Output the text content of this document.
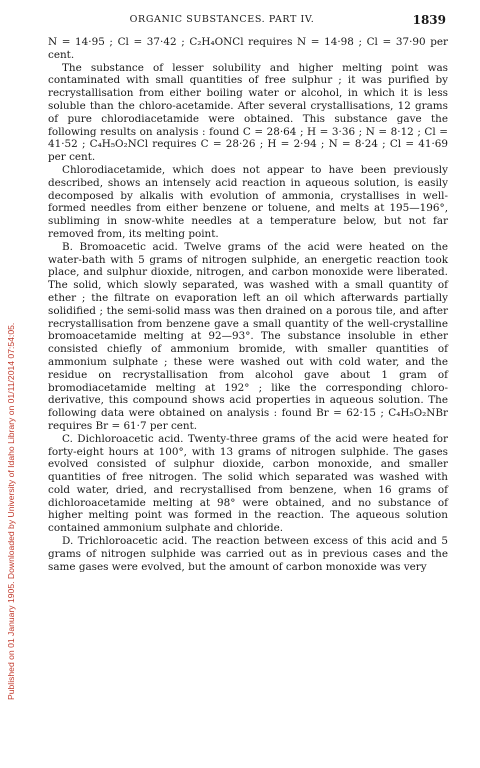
Published on 01 January 1905. Downloaded by University of Idaho Library on 01/11/2014 07:54:05.
ORGANIC SUBSTANCES. PART IV.	1839

N = 14·95 ; Cl = 37·42 ; C₂H₄ONCl requires N = 14·98 ; Cl = 37·90 per cent.

The substance of lesser solubility and higher melting point was contaminated with small quantities of free sulphur ; it was purified by recrystallisation from either boiling water or alcohol, in which it is less soluble than the chloro-acetamide. After several crystallisations, 12 grams of pure chlorodiacetamide were obtained. This substance gave the following results on analysis : found C = 28·64 ; H = 3·36 ; N = 8·12 ; Cl = 41·52 ; C₄H₅O₂NCl requires C = 28·26 ; H = 2·94 ; N = 8·24 ; Cl = 41·69 per cent.

Chlorodiacetamide, which does not appear to have been previously described, shows an intensely acid reaction in aqueous solution, is easily decomposed by alkalis with evolution of ammonia, crystallises in well-formed needles from either benzene or toluene, and melts at 195—196°, subliming in snow-white needles at a temperature below, but not far removed from, its melting point.

B. Bromoacetic acid. Twelve grams of the acid were heated on the water-bath with 5 grams of nitrogen sulphide, an energetic reaction took place, and sulphur dioxide, nitrogen, and carbon monoxide were liberated. The solid, which slowly separated, was washed with a small quantity of ether ; the filtrate on evaporation left an oil which afterwards partially solidified ; the semi-solid mass was then drained on a porous tile, and after recrystallisation from benzene gave a small quantity of the well-crystalline bromoacetamide melting at 92—93°. The substance insoluble in ether consisted chiefly of ammonium bromide, with smaller quantities of ammonium sulphate ; these were washed out with cold water, and the residue on recrystallisation from alcohol gave about 1 gram of bromodiacetamide melting at 192° ; like the corresponding chloro-derivative, this compound shows acid properties in aqueous solution. The following data were obtained on analysis : found Br = 62·15 ; C₄H₅O₂NBr requires Br = 61·7 per cent.

C. Dichloroacetic acid. Twenty-three grams of the acid were heated for forty-eight hours at 100°, with 13 grams of nitrogen sulphide. The gases evolved consisted of sulphur dioxide, carbon monoxide, and smaller quantities of free nitrogen. The solid which separated was washed with cold water, dried, and recrystallised from benzene, when 16 grams of dichloroacetamide melting at 98° were obtained, and no substance of higher melting point was formed in the reaction. The aqueous solution contained ammonium sulphate and chloride.

D. Trichloroacetic acid. The reaction between excess of this acid and 5 grams of nitrogen sulphide was carried out as in previous cases and the same gases were evolved, but the amount of carbon monoxide was very
